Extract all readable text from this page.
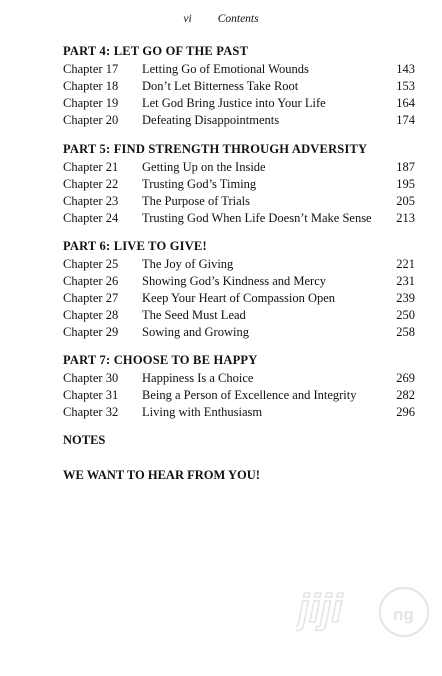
vi Contents
PART 4: LET GO OF THE PAST
Chapter 17 Letting Go of Emotional Wounds	143
Chapter 18 Don’t Let Bitterness Take Root	153
Chapter 19 Let God Bring Justice into Your Life	164
Chapter 20 Defeating Disappointments	174
PART 5: FIND STRENGTH THROUGH ADVERSITY
Chapter 21 Getting Up on the Inside	187
Chapter 22 Trusting God’s Timing	195
Chapter 23 The Purpose of Trials	205
Chapter 24 Trusting God When Life Doesn’t Make Sense 213
PART 6: LIVE TO GIVE!
Chapter 25 The Joy of Giving	221
Chapter 26 Showing God’s Kindness and Mercy	231
Chapter 27 Keep Your Heart of Compassion Open	239
Chapter 28 The Seed Must Lead	250
Chapter 29 Sowing and Growing	258
PART 7: CHOOSE TO BE HAPPY
Chapter 30 Happiness Is a Choice	269
Chapter 31 Being a Person of Excellence and Integrity	282
Chapter 32 Living with Enthusiasm	296
NOTES
WE WANT TO HEAR FROM YOU!
jiji	ng
